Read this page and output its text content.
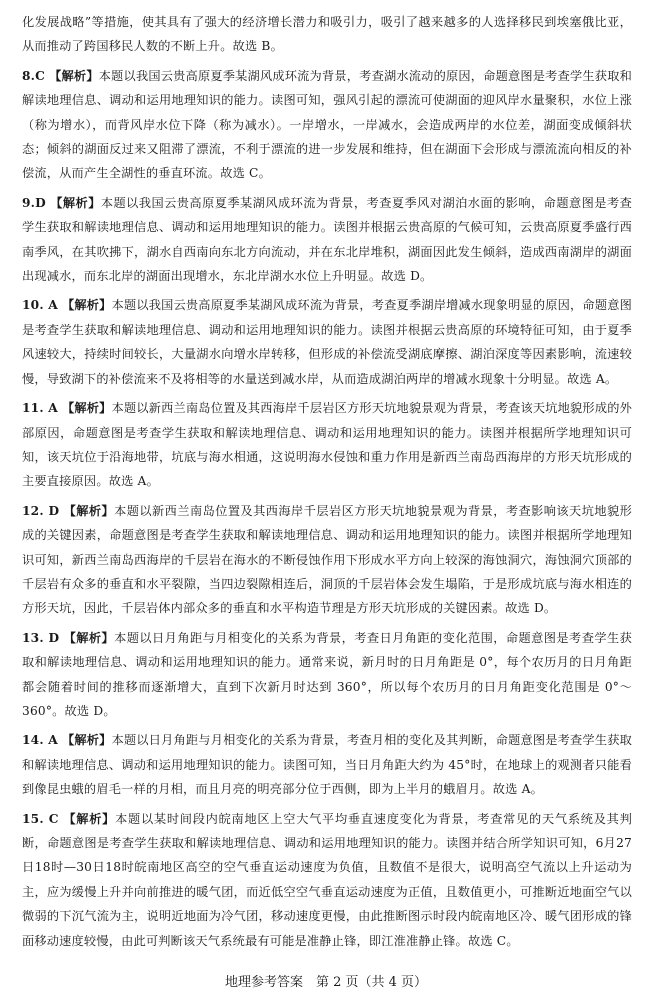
化发展战略”等措施，使其具有了强大的经济增长潜力和吸引力，吸引了越来越多的人选择移民到埃塞俄比亚，从而推动了跨国移民人数的不断上升。故选 B。

8.C 【解析】本题以我国云贵高原夏季某湖风成环流为背景，考查湖水流动的原因，命题意图是考查学生获取和解读地理信息、调动和运用地理知识的能力。读图可知，强风引起的漂流可使湖面的迎风岸水量聚积，水位上涨（称为增水），而背风岸水位下降（称为减水）。一岸增水，一岸减水，会造成两岸的水位差，湖面变成倾斜状态；倾斜的湖面反过来又阻滞了漂流，不利于漂流的进一步发展和维持，但在湖面下会形成与漂流流向相反的补偿流，从而产生全湖性的垂直环流。故选 C。

9.D 【解析】本题以我国云贵高原夏季某湖风成环流为背景，考查夏季风对湖泊水面的影响，命题意图是考查学生获取和解读地理信息、调动和运用地理知识的能力。读图并根据云贵高原的气候可知，云贵高原夏季盛行西南季风，在其吹拂下，湖水自西南向东北方向流动，并在东北岸堆积，湖面因此发生倾斜，造成西南湖岸的湖面出现减水，而东北岸的湖面出现增水，东北岸湖水水位上升明显。故选 D。

10. A 【解析】本题以我国云贵高原夏季某湖风成环流为背景，考查夏季湖岸增减水现象明显的原因，命题意图是考查学生获取和解读地理信息、调动和运用地理知识的能力。读图并根据云贵高原的环境特征可知，由于夏季风速较大，持续时间较长，大量湖水向增水岸转移，但形成的补偿流受湖底摩擦、湖泊深度等因素影响，流速较慢，导致湖下的补偿流来不及将相等的水量送到减水岸，从而造成湖泊两岸的增减水现象十分明显。故选 A。

11. A 【解析】本题以新西兰南岛位置及其西海岸千层岩区方形天坑地貌景观为背景，考查该天坑地貌形成的外部原因，命题意图是考查学生获取和解读地理信息、调动和运用地理知识的能力。读图并根据所学地理知识可知，该天坑位于沿海地带，坑底与海水相通，这说明海水侵蚀和重力作用是新西兰南岛西海岸的方形天坑形成的主要直接原因。故选 A。

12. D 【解析】本题以新西兰南岛位置及其西海岸千层岩区方形天坑地貌景观为背景，考查影响该天坑地貌形成的关键因素，命题意图是考查学生获取和解读地理信息、调动和运用地理知识的能力。读图并根据所学地理知识可知，新西兰南岛西海岸的千层岩在海水的不断侵蚀作用下形成水平方向上较深的海蚀洞穴，海蚀洞穴顶部的千层岩有众多的垂直和水平裂隙，当四边裂隙相连后，洞顶的千层岩体会发生塌陷，于是形成坑底与海水相连的方形天坑，因此，千层岩体内部众多的垂直和水平构造节理是方形天坑形成的关键因素。故选 D。

13. D 【解析】本题以日月角距与月相变化的关系为背景，考查日月角距的变化范围，命题意图是考查学生获取和解读地理信息、调动和运用地理知识的能力。通常来说，新月时的日月角距是 0°，每个农历月的日月角距都会随着时间的推移而逐渐增大，直到下次新月时达到 360°，所以每个农历月的日月角距变化范围是 0°～360°。故选 D。

14. A 【解析】本题以日月角距与月相变化的关系为背景，考查月相的变化及其判断，命题意图是考查学生获取和解读地理信息、调动和运用地理知识的能力。读图可知，当日月角距大约为 45°时，在地球上的观测者只能看到像昆虫蛾的眉毛一样的月相，而且月亮的明亮部分位于西侧，即为上半月的蛾眉月。故选 A。

15. C 【解析】本题以某时间段内皖南地区上空大气平均垂直速度变化为背景，考查常见的天气系统及其判断，命题意图是考查学生获取和解读地理信息、调动和运用地理知识的能力。读图并结合所学知识可知，6月27日18时—30日18时皖南地区高空的空气垂直运动速度为负值，且数值不是很大，说明高空气流以上升运动为主，应为缓慢上升并向前推进的暖气团，而近低空空气垂直运动速度为正值，且数值更小，可推断近地面空气以微弱的下沉气流为主，说明近地面为冷气团，移动速度更慢，由此推断图示时段内皖南地区冷、暖气团形成的锋面移动速度较慢，由此可判断该天气系统最有可能是准静止锋，即江淮准静止锋。故选 C。

地理参考答案　第 2 页（共 4 页）
